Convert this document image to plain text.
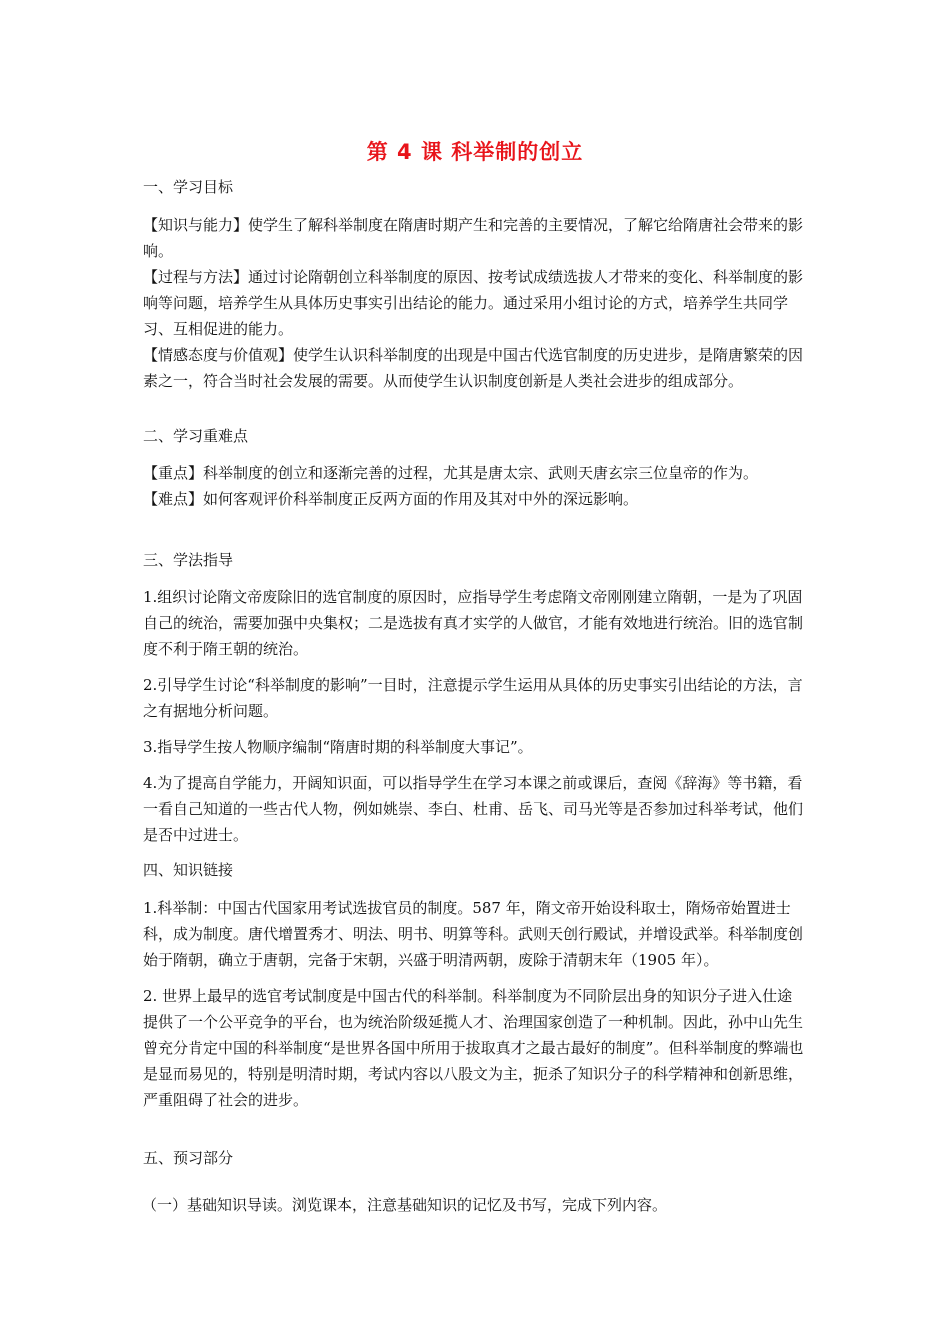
第 4 课 科举制的创立
一、学习目标

【知识与能力】使学生了解科举制度在隋唐时期产生和完善的主要情况，了解它给隋唐社会带来的影响。

【过程与方法】通过讨论隋朝创立科举制度的原因、按考试成绩选拔人才带来的变化、科举制度的影响等问题，培养学生从具体历史事实引出结论的能力。通过采用小组讨论的方式，培养学生共同学习、互相促进的能力。

【情感态度与价值观】使学生认识科举制度的出现是中国古代选官制度的历史进步，是隋唐繁荣的因素之一，符合当时社会发展的需要。从而使学生认识制度创新是人类社会进步的组成部分。

二、学习重难点

【重点】科举制度的创立和逐渐完善的过程，尤其是唐太宗、武则天唐玄宗三位皇帝的作为。

【难点】如何客观评价科举制度正反两方面的作用及其对中外的深远影响。

三、学法指导

1.组织讨论隋文帝废除旧的选官制度的原因时，应指导学生考虑隋文帝刚刚建立隋朝，一是为了巩固自己的统治，需要加强中央集权；二是选拔有真才实学的人做官，才能有效地进行统治。旧的选官制度不利于隋王朝的统治。

2.引导学生讨论“科举制度的影响”一目时，注意提示学生运用从具体的历史事实引出结论的方法，言之有据地分析问题。

3.指导学生按人物顺序编制“隋唐时期的科举制度大事记”。

4.为了提高自学能力，开阔知识面，可以指导学生在学习本课之前或课后，查阅《辞海》等书籍，看一看自己知道的一些古代人物，例如姚崇、李白、杜甫、岳飞、司马光等是否参加过科举考试，他们是否中过进士。

四、知识链接

1.科举制：中国古代国家用考试选拔官员的制度。587 年，隋文帝开始设科取士，隋炀帝始置进士科，成为制度。唐代增置秀才、明法、明书、明算等科。武则天创行殿试，并增设武举。科举制度创始于隋朝，确立于唐朝，完备于宋朝，兴盛于明清两朝，废除于清朝末年（1905 年）。

2. 世界上最早的选官考试制度是中国古代的科举制。科举制度为不同阶层出身的知识分子进入仕途提供了一个公平竞争的平台，也为统治阶级延揽人才、治理国家创造了一种机制。因此，孙中山先生曾充分肯定中国的科举制度“是世界各国中所用于拔取真才之最古最好的制度”。但科举制度的弊端也是显而易见的，特别是明清时期，考试内容以八股文为主，扼杀了知识分子的科学精神和创新思维，严重阻碍了社会的进步。

五、预习部分
（一）基础知识导读。浏览课本，注意基础知识的记忆及书写，完成下列内容。
